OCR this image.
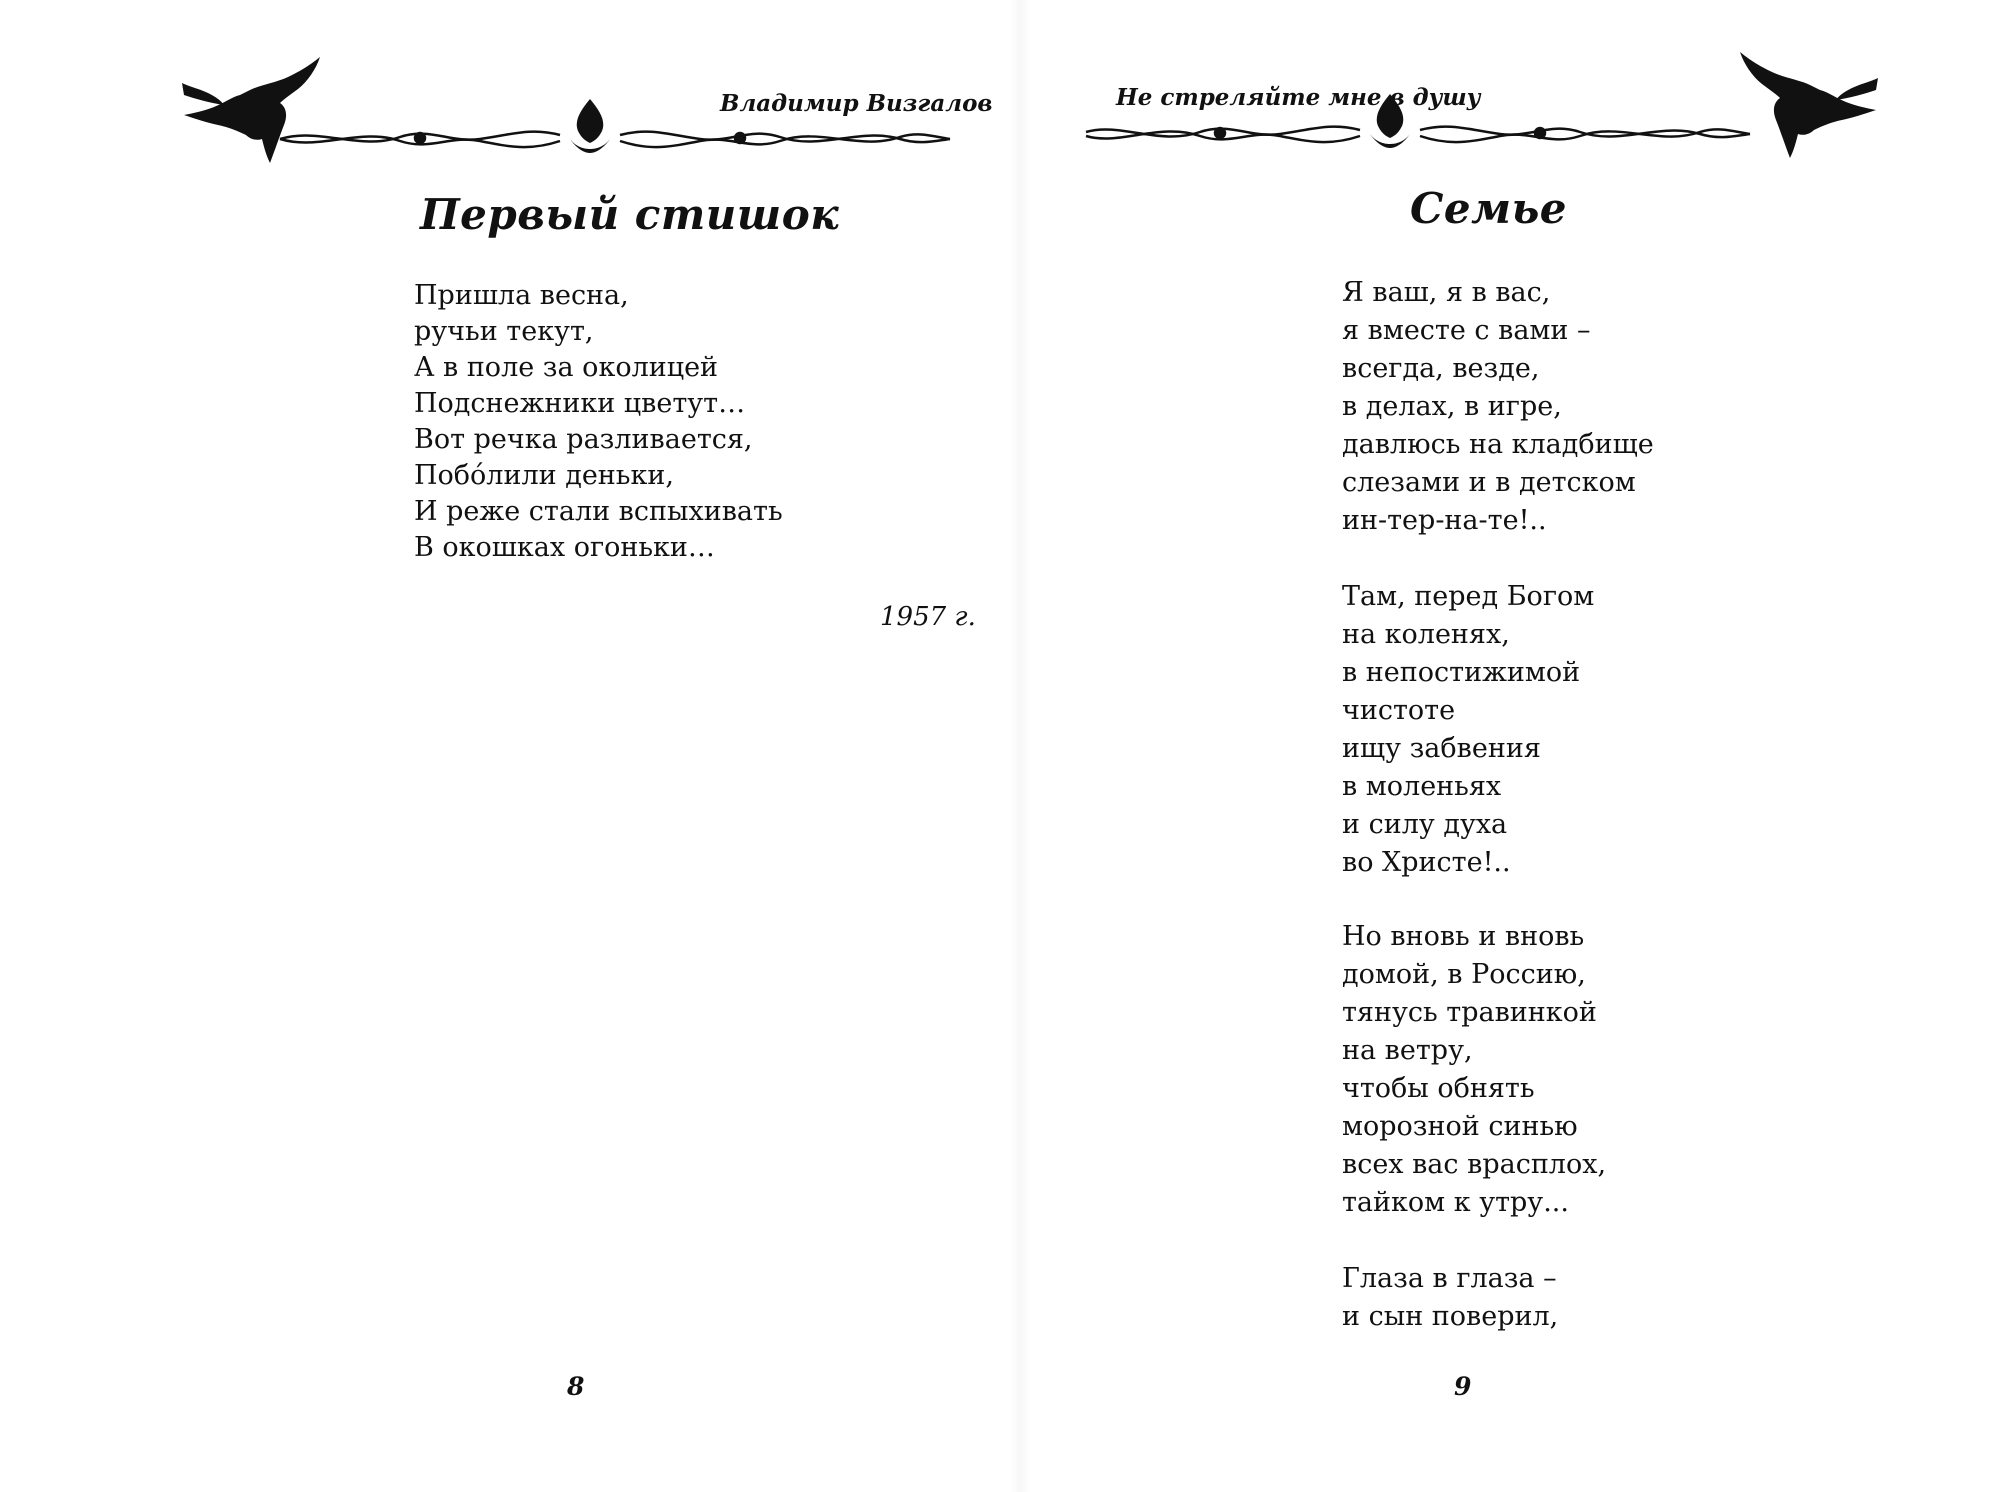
Владимир Визгалов
Первый стишок
Пришла весна,
ручьи текут,
А в поле за околицей
Подснежники цветут…
Вот речка разливается,
Побóлили деньки,
И реже стали вспыхивать
В окошках огоньки…
1957 г.
8
Не стреляйте мне в душу
Семье
Я ваш, я в вас,
я вместе с вами –
всегда, везде,
в делах, в игре,
давлюсь на кладбище
слезами и в детском
ин-тер-на-те!..
Там, перед Богом
на коленях,
в непостижимой
чистоте
ищу забвения
в моленьях
и силу духа
во Христе!..
Но вновь и вновь
домой, в Россию,
тянусь травинкой
на ветру,
чтобы обнять
морозной синью
всех вас врасплох,
тайком к утру...
Глаза в глаза –
и сын поверил,
9
